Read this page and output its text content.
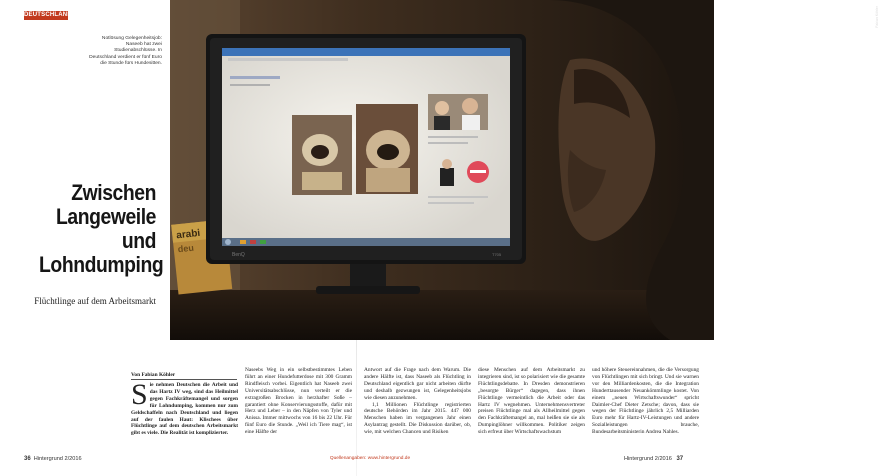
DEUTSCHLAND
Notlösung Gelegenheitsjob: Naseeb hat zwei Studienabschlüsse. In Deutschland verdient er fünf Euro die Stunde fürs Hundesitten.
Zwischen
Langeweile
und
Lohndumping
Flüchtlinge auf dem Arbeitsmarkt
arabi
deu
BenQ	T705
Fabian Köhler
Von Fabian Köhler

Sie nehmen Deutschen die Arbeit und das Hartz IV weg, sind das Heilmittel gegen Fachkräftemangel und sorgen für Lohndumping, kommen nur zum Geldschaffeln nach Deutschland und liegen auf der faulen Haut: Klischees über Flüchtlinge auf dem deutschen Arbeitsmarkt gibt es viele. Die Realität ist komplizierter.

Naseebs Weg in ein selbstbestimmtes Leben führt an einer Hundefutterdose mit 300 Gramm Rindfleisch vorbei. Eigentlich hat Naseeb zwei Universitätsabschlüsse, nun verteilt er die extragroßen Brocken in herzhafter Soße – garantiert ohne Konservierungsstoffe, dafür mit Herz und Leber – in den Näpfen von Tyler und Anissa. Immer mittwochs von 16 bis 22 Uhr. Für fünf Euro die Stunde. „Weil ich Tiere mag“, ist eine Hälfte der

Antwort auf die Frage nach dem Warum. Die andere Hälfte ist, dass Naseeb als Flüchtling in Deutschland eigentlich gar nicht arbeiten dürfte und deshalb gezwungen ist, Gelegenheitsjobs wie diesen anzunehmen.

1,1 Millionen Flüchtlinge registrierten deutsche Behörden im Jahr 2015. 447 000 Menschen haben im vergangenen Jahr einen Asylantrag gestellt. Die Diskussion darüber, ob, wie, mit welchen Chancen und Risiken

diese Menschen auf dem Arbeitsmarkt zu integrieren sind, ist so polarisiert wie die gesamte Flüchtlingsdebatte. In Dresden demonstrieren „besorgte Bürger“ dagegen, dass ihnen Flüchtlinge vermeintlich die Arbeit oder das Hartz IV wegnehmen. Unternehmensvertreter preisen Flüchtlinge mal als Allheilmittel gegen den Fachkräftemangel an, mal heißen sie sie als Dumpinglöhner willkommen. Politiker zeigen sich erfreut über Wirtschaftswachstum

und höhere Steuereinnahmen, die die Versorgung von Flüchtlingen mit sich bringt. Und sie warnen vor den Milliardenkosten, die die Integration Hunderttausender Neuankömmlinge kostet. Von einem „neuen Wirtschaftswunder“ spricht Daimler-Chef Dieter Zetsche; davon, dass sie wegen der Flüchtlinge jährlich 2,5 Milliarden Euro mehr für Hartz-IV-Leistungen und andere Sozialleistungen brauche, Bundesarbeitsministerin Andrea Nahles.

36 Hintergrund 2/2016	Quellenangaben: www.hintergrund.de	Hintergrund 2/2016 37
